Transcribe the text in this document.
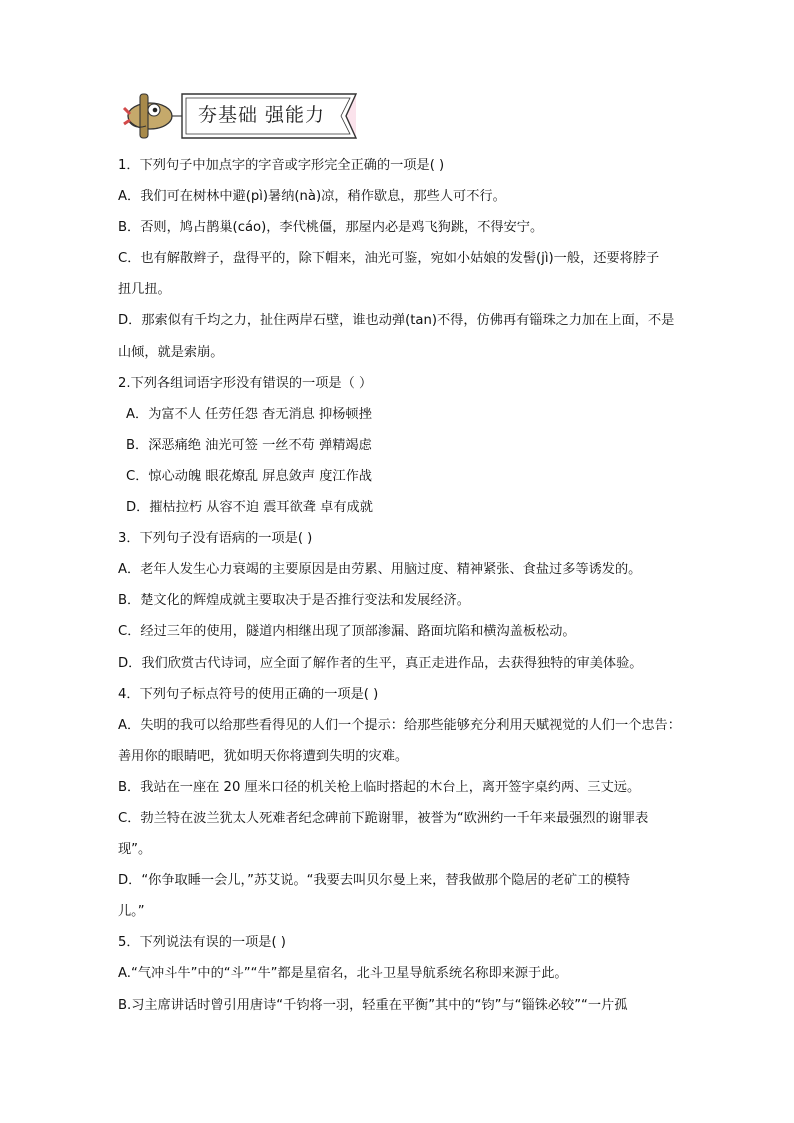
夯基础 强能力
1．下列句子中加点字的字音或字形完全正确的一项是( )
A．我们可在树林中避(pì)暑纳(nà)凉，稍作歇息，那些人可不行。
B．否则，鸠占鹊巢(cáo)，李代桃僵，那屋内必是鸡飞狗跳，不得安宁。
C．也有解散辫子，盘得平的，除下帽来，油光可鉴，宛如小姑娘的发髻(jì)一般，还要将脖子
扭几扭。
D．那索似有千均之力，扯住两岸石壁，谁也动弹(tan)不得，仿佛再有锱珠之力加在上面，不是
山倾，就是索崩。
2.下列各组词语字形没有错误的一项是（ ）
A．为富不人 任劳任怨 杳无消息 抑杨顿挫
B．深恶痛绝 油光可签 一丝不苟 弹精竭虑
C．惊心动魄 眼花燎乱 屏息敛声 度江作战
D．摧枯拉朽 从容不迫 震耳欲聋 卓有成就
3．下列句子没有语病的一项是( )
A．老年人发生心力衰竭的主要原因是由劳累、用脑过度、精神紧张、食盐过多等诱发的。
B．楚文化的辉煌成就主要取决于是否推行变法和发展经济。
C．经过三年的使用，隧道内相继出现了顶部渗漏、路面坑陷和横沟盖板松动。
D．我们欣赏古代诗词，应全面了解作者的生平，真正走进作品，去获得独特的审美体验。
4．下列句子标点符号的使用正确的一项是( )
A．失明的我可以给那些看得见的人们一个提示：给那些能够充分利用天赋视觉的人们一个忠告：
善用你的眼睛吧，犹如明天你将遭到失明的灾难。
B．我站在一座在 20 厘米口径的机关枪上临时搭起的木台上，离开签字桌约两、三丈远。
C．勃兰特在波兰犹太人死难者纪念碑前下跪谢罪，被誉为“欧洲约一千年来最强烈的谢罪表
现”。
D．“你争取睡一会儿，”苏艾说。“我要去叫贝尔曼上来，替我做那个隐居的老矿工的模特
儿。”
5．下列说法有误的一项是( )
A.“气冲斗牛”中的“斗”“牛”都是星宿名，北斗卫星导航系统名称即来源于此。
B.习主席讲话时曾引用唐诗“千钧将一羽，轻重在平衡”其中的“钧”与“锱铢必较”“一片孤
